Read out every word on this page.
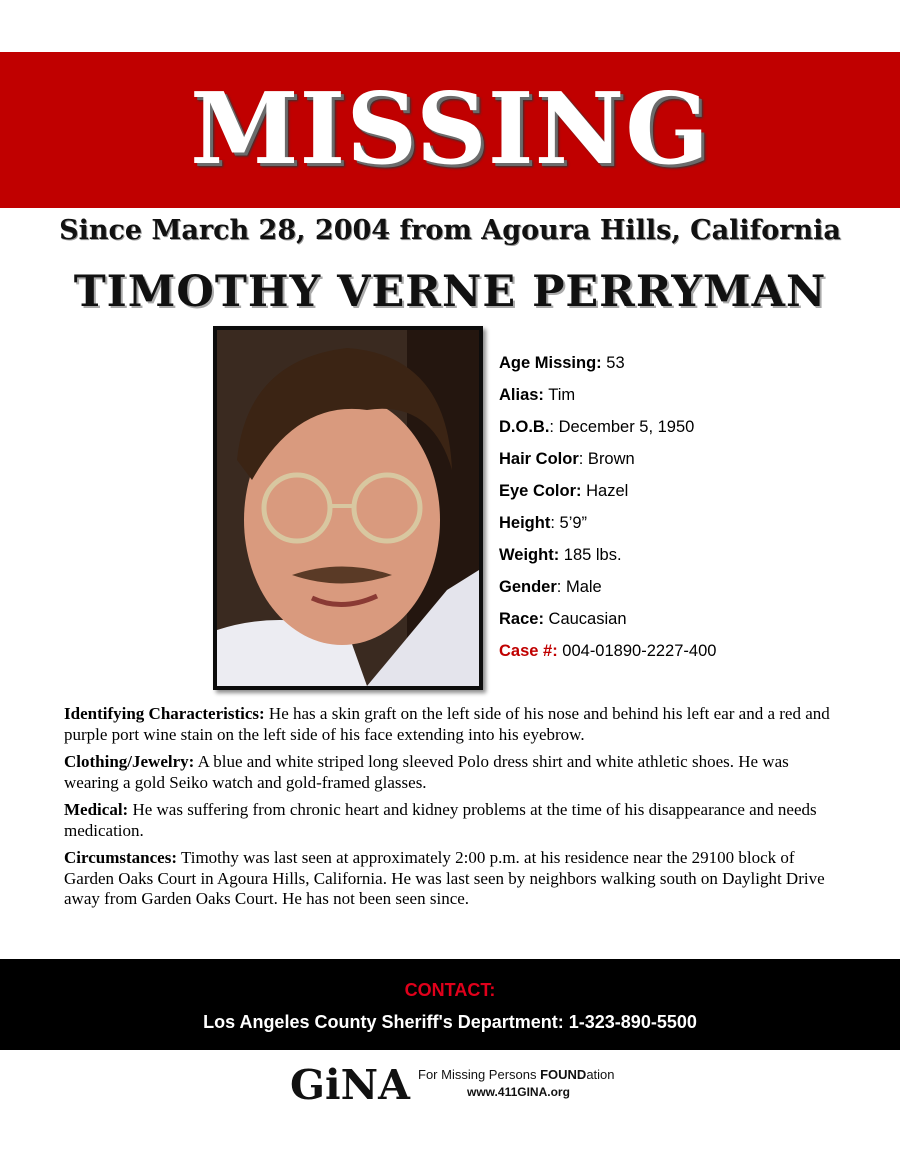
MISSING
Since March 28, 2004 from Agoura Hills, California
TIMOTHY VERNE PERRYMAN
Age Missing: 53
Alias: Tim
D.O.B.: December 5, 1950
Hair Color: Brown
Eye Color: Hazel
Height: 5’9”
Weight: 185 lbs.
Gender: Male
Race: Caucasian
Case #: 004-01890-2227-400

Identifying Characteristics: He has a skin graft on the left side of his nose and behind his left ear and a red and purple port wine stain on the left side of his face extending into his eyebrow.

Clothing/Jewelry: A blue and white striped long sleeved Polo dress shirt and white athletic shoes. He was wearing a gold Seiko watch and gold-framed glasses.

Medical: He was suffering from chronic heart and kidney problems at the time of his disappearance and needs medication.

Circumstances: Timothy was last seen at approximately 2:00 p.m. at his residence near the 29100 block of Garden Oaks Court in Agoura Hills, California. He was last seen by neighbors walking south on Daylight Drive away from Garden Oaks Court. He has not been seen since.

CONTACT:
Los Angeles County Sheriff's Department: 1-323-890-5500
GiNA For Missing Persons FOUNDation
www.411GINA.org
